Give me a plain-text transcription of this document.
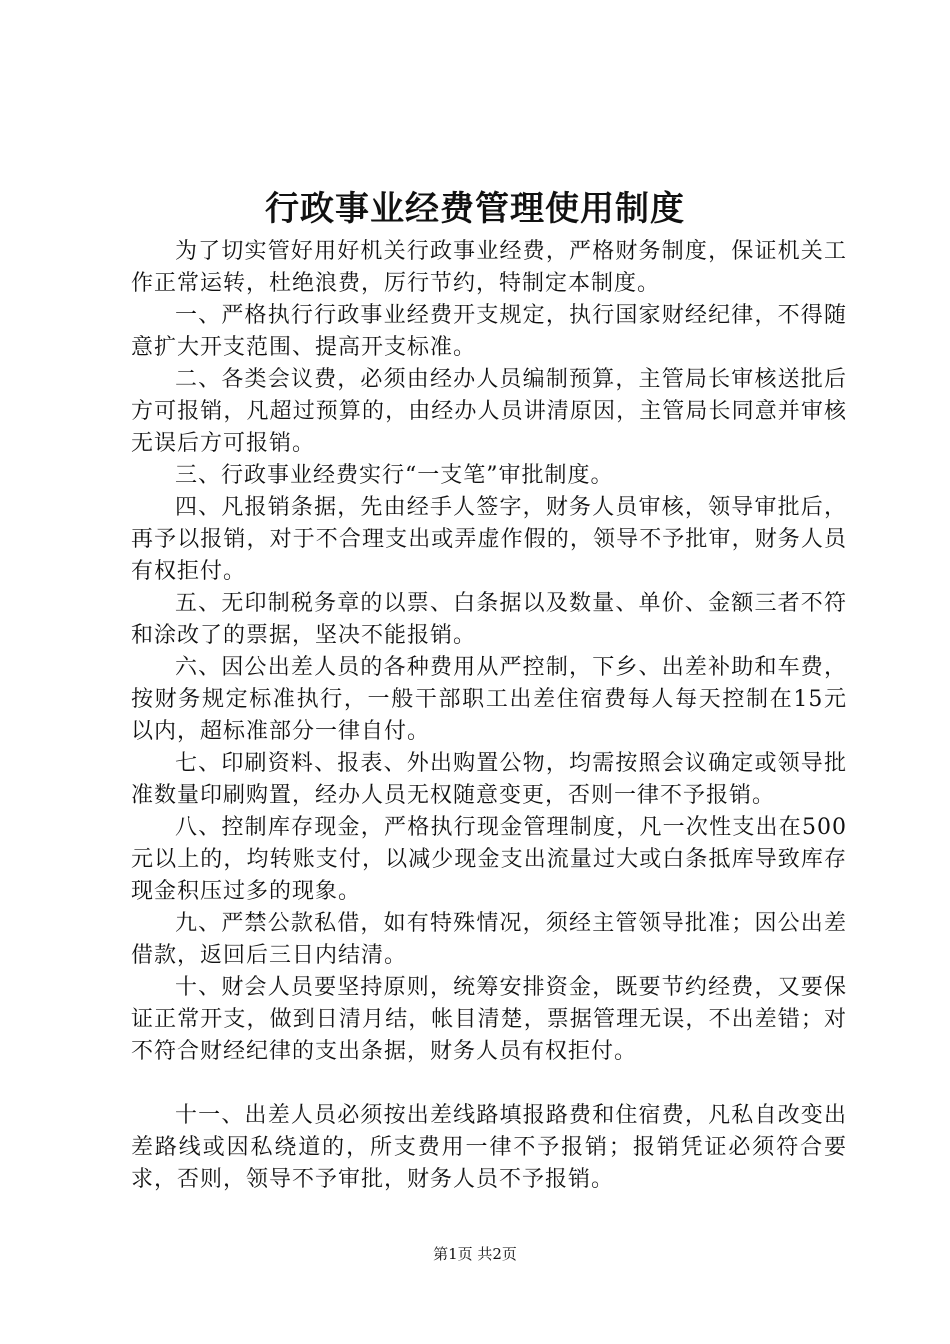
行政事业经费管理使用制度

为了切实管好用好机关行政事业经费，严格财务制度，保证机关工作正常运转，杜绝浪费，厉行节约，特制定本制度。

一、严格执行行政事业经费开支规定，执行国家财经纪律，不得随意扩大开支范围、提高开支标准。

二、各类会议费，必须由经办人员编制预算，主管局长审核送批后方可报销，凡超过预算的，由经办人员讲清原因，主管局长同意并审核无误后方可报销。

三、行政事业经费实行“一支笔”审批制度。

四、凡报销条据，先由经手人签字，财务人员审核，领导审批后，再予以报销，对于不合理支出或弄虚作假的，领导不予批审，财务人员有权拒付。

五、无印制税务章的以票、白条据以及数量、单价、金额三者不符和涂改了的票据，坚决不能报销。

六、因公出差人员的各种费用从严控制，下乡、出差补助和车费，按财务规定标准执行，一般干部职工出差住宿费每人每天控制在15元以内，超标准部分一律自付。

七、印刷资料、报表、外出购置公物，均需按照会议确定或领导批准数量印刷购置，经办人员无权随意变更，否则一律不予报销。

八、控制库存现金，严格执行现金管理制度，凡一次性支出在500元以上的，均转账支付，以减少现金支出流量过大或白条抵库导致库存现金积压过多的现象。

九、严禁公款私借，如有特殊情况，须经主管领导批准；因公出差借款，返回后三日内结清。

十、财会人员要坚持原则，统筹安排资金，既要节约经费，又要保证正常开支，做到日清月结，帐目清楚，票据管理无误，不出差错；对不符合财经纪律的支出条据，财务人员有权拒付。

十一、出差人员必须按出差线路填报路费和住宿费，凡私自改变出差路线或因私绕道的，所支费用一律不予报销；报销凭证必须符合要求，否则，领导不予审批，财务人员不予报销。

第1页 共2页
